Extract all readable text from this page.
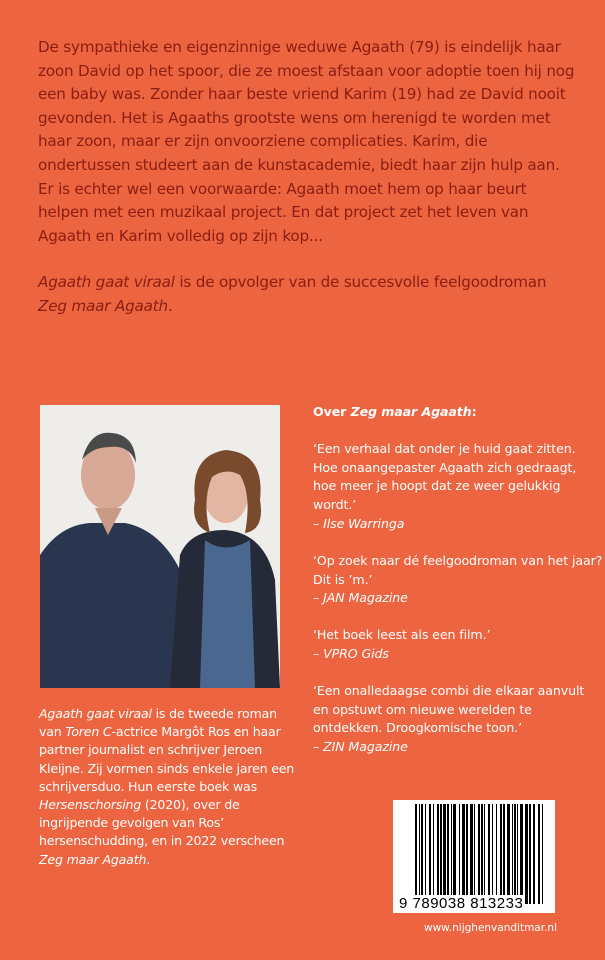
De sympathieke en eigenzinnige weduwe Agaath (79) is eindelijk haar zoon David op het spoor, die ze moest afstaan voor adoptie toen hij nog een baby was. Zonder haar beste vriend Karim (19) had ze David nooit gevonden. Het is Agaaths grootste wens om herenigd te worden met haar zoon, maar er zijn onvoorziene complicaties. Karim, die ondertussen studeert aan de kunstacademie, biedt haar zijn hulp aan. Er is echter wel een voorwaarde: Agaath moet hem op haar beurt helpen met een muzikaal project. En dat project zet het leven van Agaath en Karim volledig op zijn kop...

Agaath gaat viraal is de opvolger van de succesvolle feelgoodroman Zeg maar Agaath.

Agaath gaat viraal is de tweede roman van Toren C-actrice Margôt Ros en haar partner journalist en schrijver Jeroen Kleijne. Zij vormen sinds enkele jaren een schrijversduo. Hun eerste boek was Hersenschorsing (2020), over de ingrijpende gevolgen van Ros’ hersenschudding, en in 2022 verscheen Zeg maar Agaath.
Over Zeg maar Agaath:
‘Een verhaal dat onder je huid gaat zitten. Hoe onaangepaster Agaath zich gedraagt, hoe meer je hoopt dat ze weer gelukkig wordt.’
– Ilse Warringa
‘Op zoek naar dé feelgoodroman van het jaar? Dit is ’m.’
– JAN Magazine
‘Het boek leest als een film.’
– VPRO Gids
‘Een onalledaagse combi die elkaar aanvult en opstuwt om nieuwe werelden te ontdekken. Droogkomische toon.’
– ZIN Magazine
9 789038 813233
www.nijghenvanditmar.nl
